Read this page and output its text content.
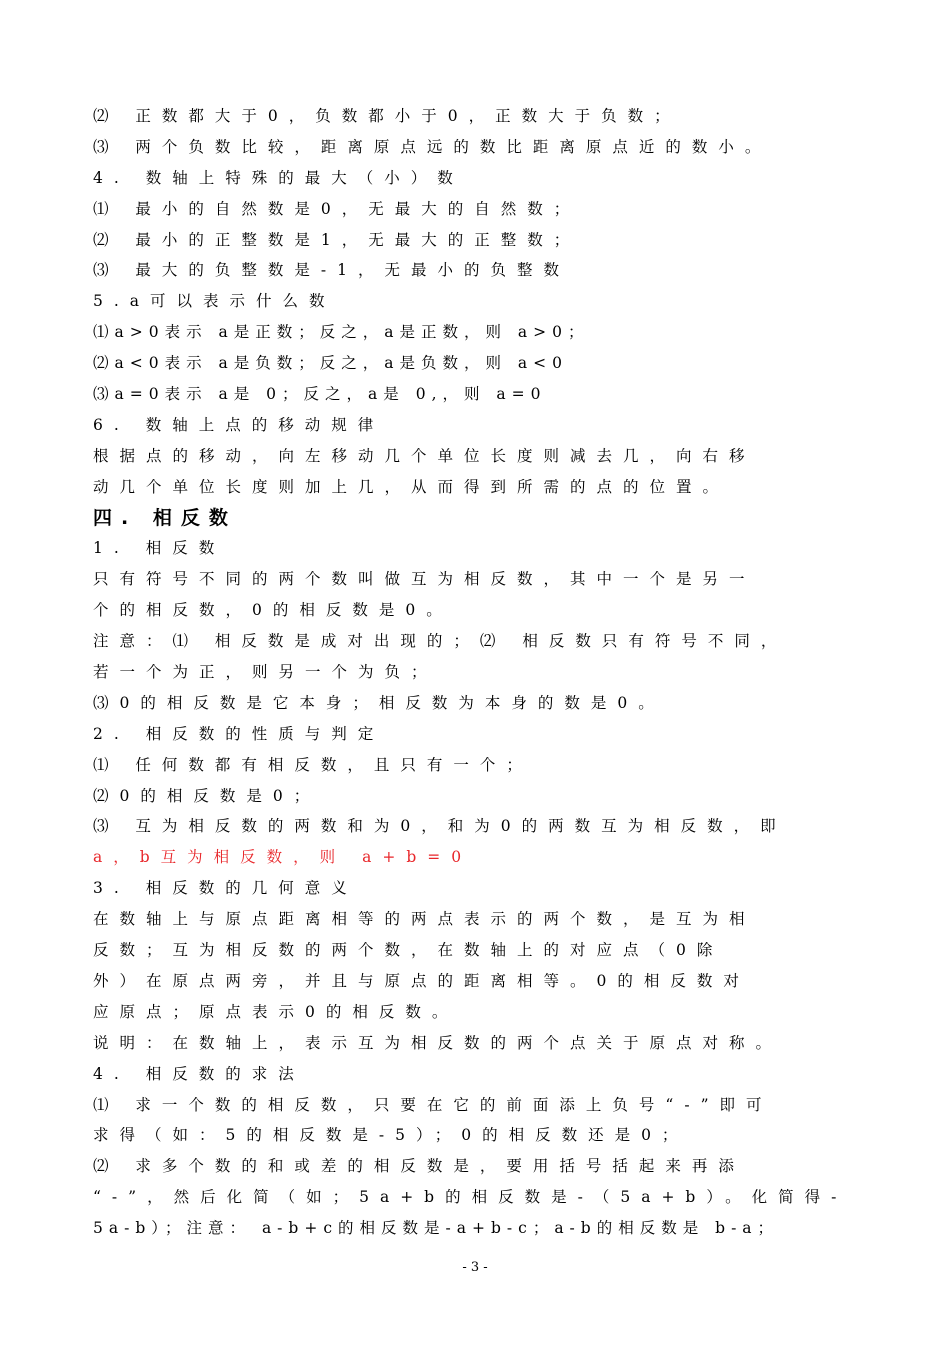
⑵ 正数都大于0，负数都小于0，正数大于负数；
⑶ 两个负数比较，距离原点远的数比距离原点近的数小。
4. 数轴上特殊的最大（小）数
⑴ 最小的自然数是0，无最大的自然数；
⑵ 最小的正整数是1，无最大的正整数；
⑶ 最大的负整数是-1，无最小的负整数
5.a可以表示什么数
⑴a>0表示 a是正数；反之，a是正数，则 a>0；
⑵a<0表示 a是负数；反之，a是负数，则 a<0
⑶a=0表示 a是 0；反之，a是 0,，则 a=0
6. 数轴上点的移动规律
根据点的移动，向左移动几个单位长度则减去几，向右移
动几个单位长度则加上几，从而得到所需的点的位置。
四. 相反数
1. 相反数
只有符号不同的两个数叫做互为相反数，其中一个是另一
个的相反数，0的相反数是0。
注意：⑴ 相反数是成对出现的；⑵ 相反数只有符号不同，
若一个为正，则另一个为负；
⑶0的相反数是它本身；相反数为本身的数是0。
2. 相反数的性质与判定
⑴ 任何数都有相反数，且只有一个；
⑵0的相反数是0；
⑶ 互为相反数的两数和为0，和为0的两数互为相反数，即
a，b互为相反数，则 a+b=0
3. 相反数的几何意义
在数轴上与原点距离相等的两点表示的两个数，是互为相
反数；互为相反数的两个数，在数轴上的对应点（0除
外）在原点两旁，并且与原点的距离相等。0的相反数对
应原点；原点表示0的相反数。
说明：在数轴上，表示互为相反数的两个点关于原点对称。
4. 相反数的求法
⑴ 求一个数的相反数，只要在它的前面添上负号“-”即可
求得（如：5的相反数是-5）；0的相反数还是0；
⑵ 求多个数的和或差的相反数是，要用括号括起来再添
“-”，然后化简（如；5a+b的相反数是-（5a+b）。化简得-
5a-b）；注意： a-b+c的相反数是-a+b-c；a-b的相反数是 b-a；
- 3 -
